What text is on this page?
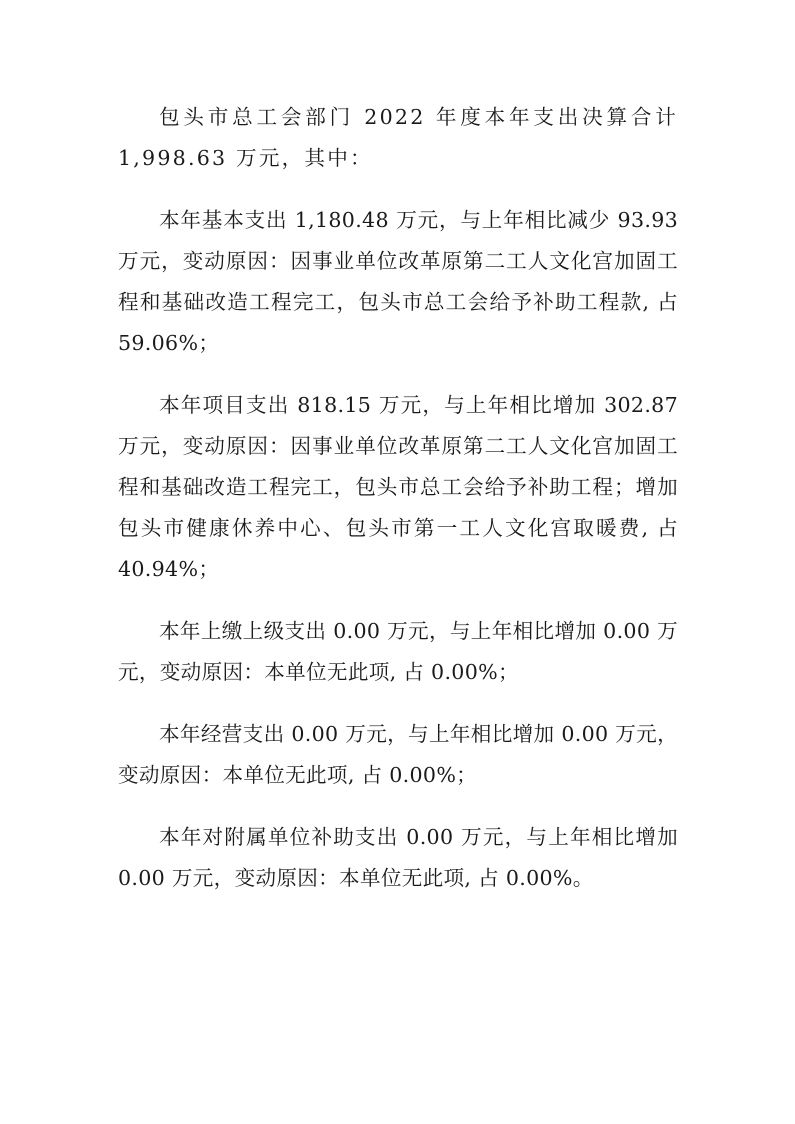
包头市总工会部门 2022 年度本年支出决算合计1,998.63 万元，其中：

本年基本支出 1,180.48 万元，与上年相比减少 93.93 万元，变动原因：因事业单位改革原第二工人文化宫加固工程和基础改造工程完工，包头市总工会给予补助工程款, 占 59.06%；

本年项目支出 818.15 万元，与上年相比增加 302.87 万元，变动原因：因事业单位改革原第二工人文化宫加固工程和基础改造工程完工，包头市总工会给予补助工程；增加包头市健康休养中心、包头市第一工人文化宫取暖费, 占 40.94%；

本年上缴上级支出 0.00 万元，与上年相比增加 0.00 万元，变动原因：本单位无此项, 占 0.00%；

本年经营支出 0.00 万元，与上年相比增加 0.00 万元，变动原因：本单位无此项, 占 0.00%；

本年对附属单位补助支出 0.00 万元，与上年相比增加 0.00 万元，变动原因：本单位无此项, 占 0.00%。
